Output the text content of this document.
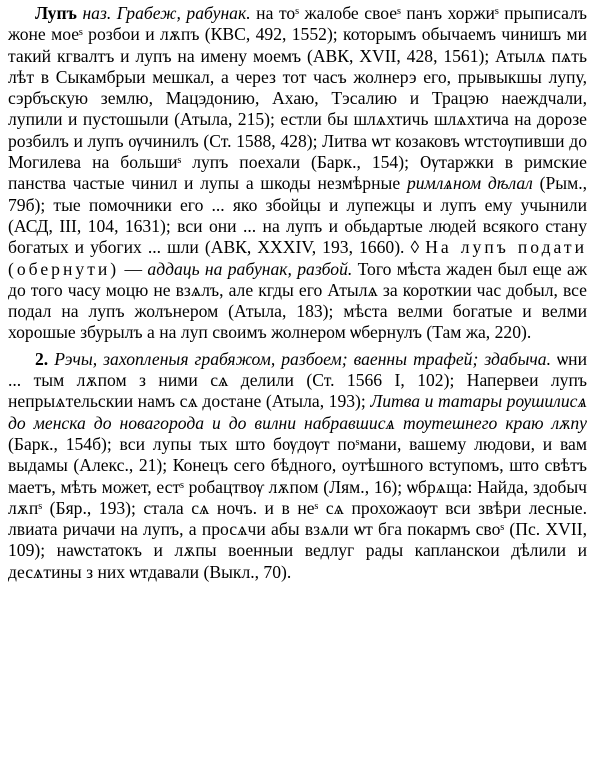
Лупъ наз. Грабеж, рабунак. на тоˢ жалобе своеˢ панъ хоржиˢ прыписалъ жоне моеˢ розбои и лѫпъ (КВС, 492, 1552); которымъ обычаемъ чинишъ ми такий кгвалтъ и лупъ на имену моемъ (АВК, XVII, 428, 1561); Атылѧ пѧть лѣт в Сыкамбрыи мешкал, а через тот часъ жолнерэ его, прывыкшы лупу, сэрбъскую землю, Мацэдонию, Ахаю, Тэсалию и Трацэю наеждчали, лупили и пустошыли (Атыла, 215); естли бы шлѧхтичь шлѧхтича на дорозе розбилъ и лупъ ѹчинилъ (Ст. 1588, 428); Литва ѡт козаковъ ѡтстѹпивши до Могилева на большиˢ лупъ поехали (Барк., 154); Ѹтаржки в римские панства частые чинил и лупы а шкоды незмѣрные римлѧном дѣлал (Рым., 79б); тые помочники его ... яко збойцы и лупежцы и лупъ ему учынили (АСД, III, 104, 1631); вси они ... на лупъ и обьдартые людей всякого стану богатых и убогих ... шли (АВК, XXXIV, 193, 1660). ◊ На лупъ подати (обернути) — аддаць на рабунак, разбой. Того мѣста жаден был еще аж до того часу моцю не взѧлъ, але кгды его Атылѧ за короткии час добыл, все подал на лупъ жолънером (Атыла, 183); мѣста велми богатые и велми хорошые збурылъ а на луп своимъ жолнером ѡбернулъ (Там жа, 220).

2. Рэчы, захопленыя грабяжом, разбоем; ваенны трафей; здабыча. ѡни ... тым лѫпом з ними сѧ делили (Ст. 1566 I, 102); Напервеи лупъ непрыѧтельскии намъ сѧ достане (Атыла, 193); Литва и татары рѹшилисѧ до менска до новагорода и до вилни набравшисѧ тѹтешнего краю лѫпу (Барк., 154б); вси лупы тых што бѹдѹт поˢмани, вашему людови, и вам выдамы (Алекс., 21); Конецъ сего бѣдного, оутѣшного вступомъ, што свѣтъ маетъ, мѣть может, естˢ робацтвѹ лѫпом (Лям., 16); ѡбрѧща: Найда, здобыч лѫпˢ (Бяр., 193); стала сѧ ночъ. и в неˢ сѧ прохожаѹт вси звѣри лесные. лвиата ричачи на лупъ, а просѧчи абы взѧли ѡт бга покармъ своˢ (Пс. XVII, 109); наѡстатокъ и лѫпы военныи ведлуг рады капланскои дѣлили и десѧтины з них ѡтдавали (Выкл., 70).
